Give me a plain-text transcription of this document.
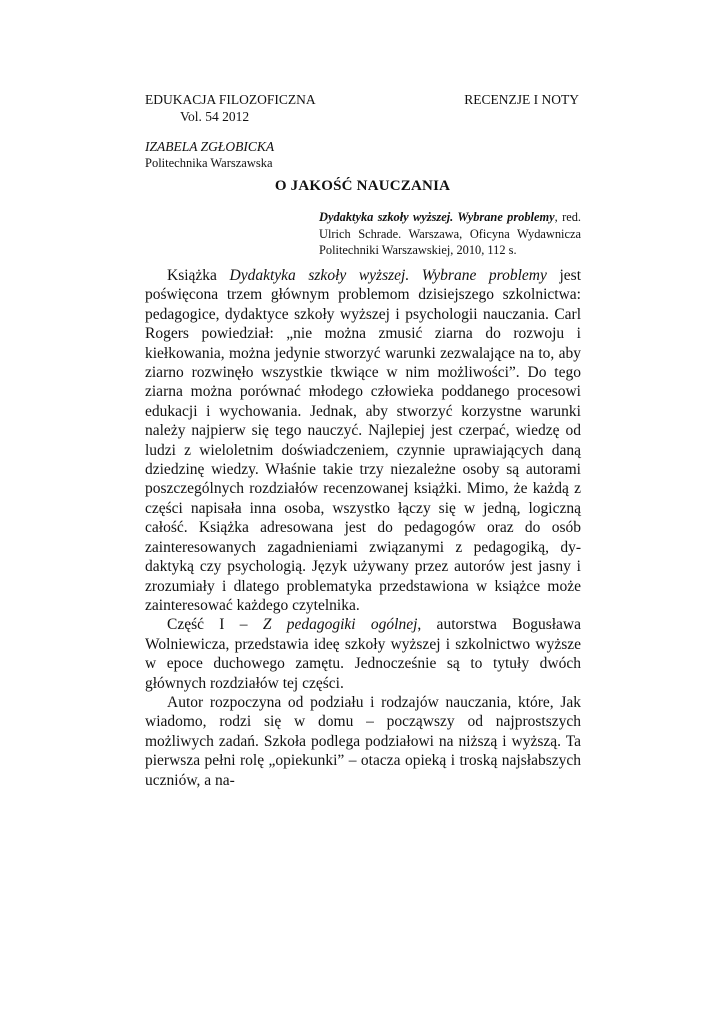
EDUKACJA FILOZOFICZNA
Vol. 54 2012
RECENZJE I NOTY
IZABELA ZGŁOBICKA
Politechnika Warszawska
O JAKOŚĆ NAUCZANIA
Dydaktyka szkoły wyższej. Wybrane problemy, red. Ulrich Schrade. Warszawa, Oficyna Wydawnicza Politechniki Warszawskiej, 2010, 112 s.

Książka Dydaktyka szkoły wyższej. Wybrane problemy jest poświęcona trzem głównym problemom dzisiejszego szkolnictwa: pedagogice, dydaktyce szkoły wyższej i psychologii nauczania. Carl Rogers powiedział: „nie można zmusić ziarna do rozwoju i kiełkowania, można jedynie stworzyć warunki zezwalające na to, aby ziarno rozwinęło wszystkie tkwiące w nim możliwości”. Do tego ziarna można porównać młodego człowieka poddanego procesowi edukacji i wychowania. Jednak, aby stworzyć korzystne warunki należy najpierw się tego nauczyć. Najlepiej jest czerpać, wiedzę od ludzi z wieloletnim doświadczeniem, czynnie uprawiających daną dziedzinę wiedzy. Właśnie takie trzy niezależne osoby są autorami poszczególnych rozdziałów recenzowanej książki. Mimo, że każdą z części napisała inna osoba, wszystko łączy się w jedną, logiczną całość. Książka adresowana jest do pedagogów oraz do osób zainteresowanych zagadnieniami związanymi z pedagogiką, dydaktyką czy psychologią. Język używany przez autorów jest jasny i zrozumiały i dlatego problematyka przedstawiona w książce może zainteresować każdego czytelnika.

Część I – Z pedagogiki ogólnej, autorstwa Bogusława Wolniewicza, przedstawia ideę szkoły wyższej i szkolnictwo wyższe w epoce duchowego zamętu. Jednocześnie są to tytuły dwóch głównych rozdziałów tej części.

Autor rozpoczyna od podziału i rodzajów nauczania, które, Jak wiadomo, rodzi się w domu – począwszy od najprostszych możliwych zadań. Szkoła podlega podziałowi na niższą i wyższą. Ta pierwsza pełni rolę „opiekunki” – otacza opieką i troską najsłabszych uczniów, a na-
